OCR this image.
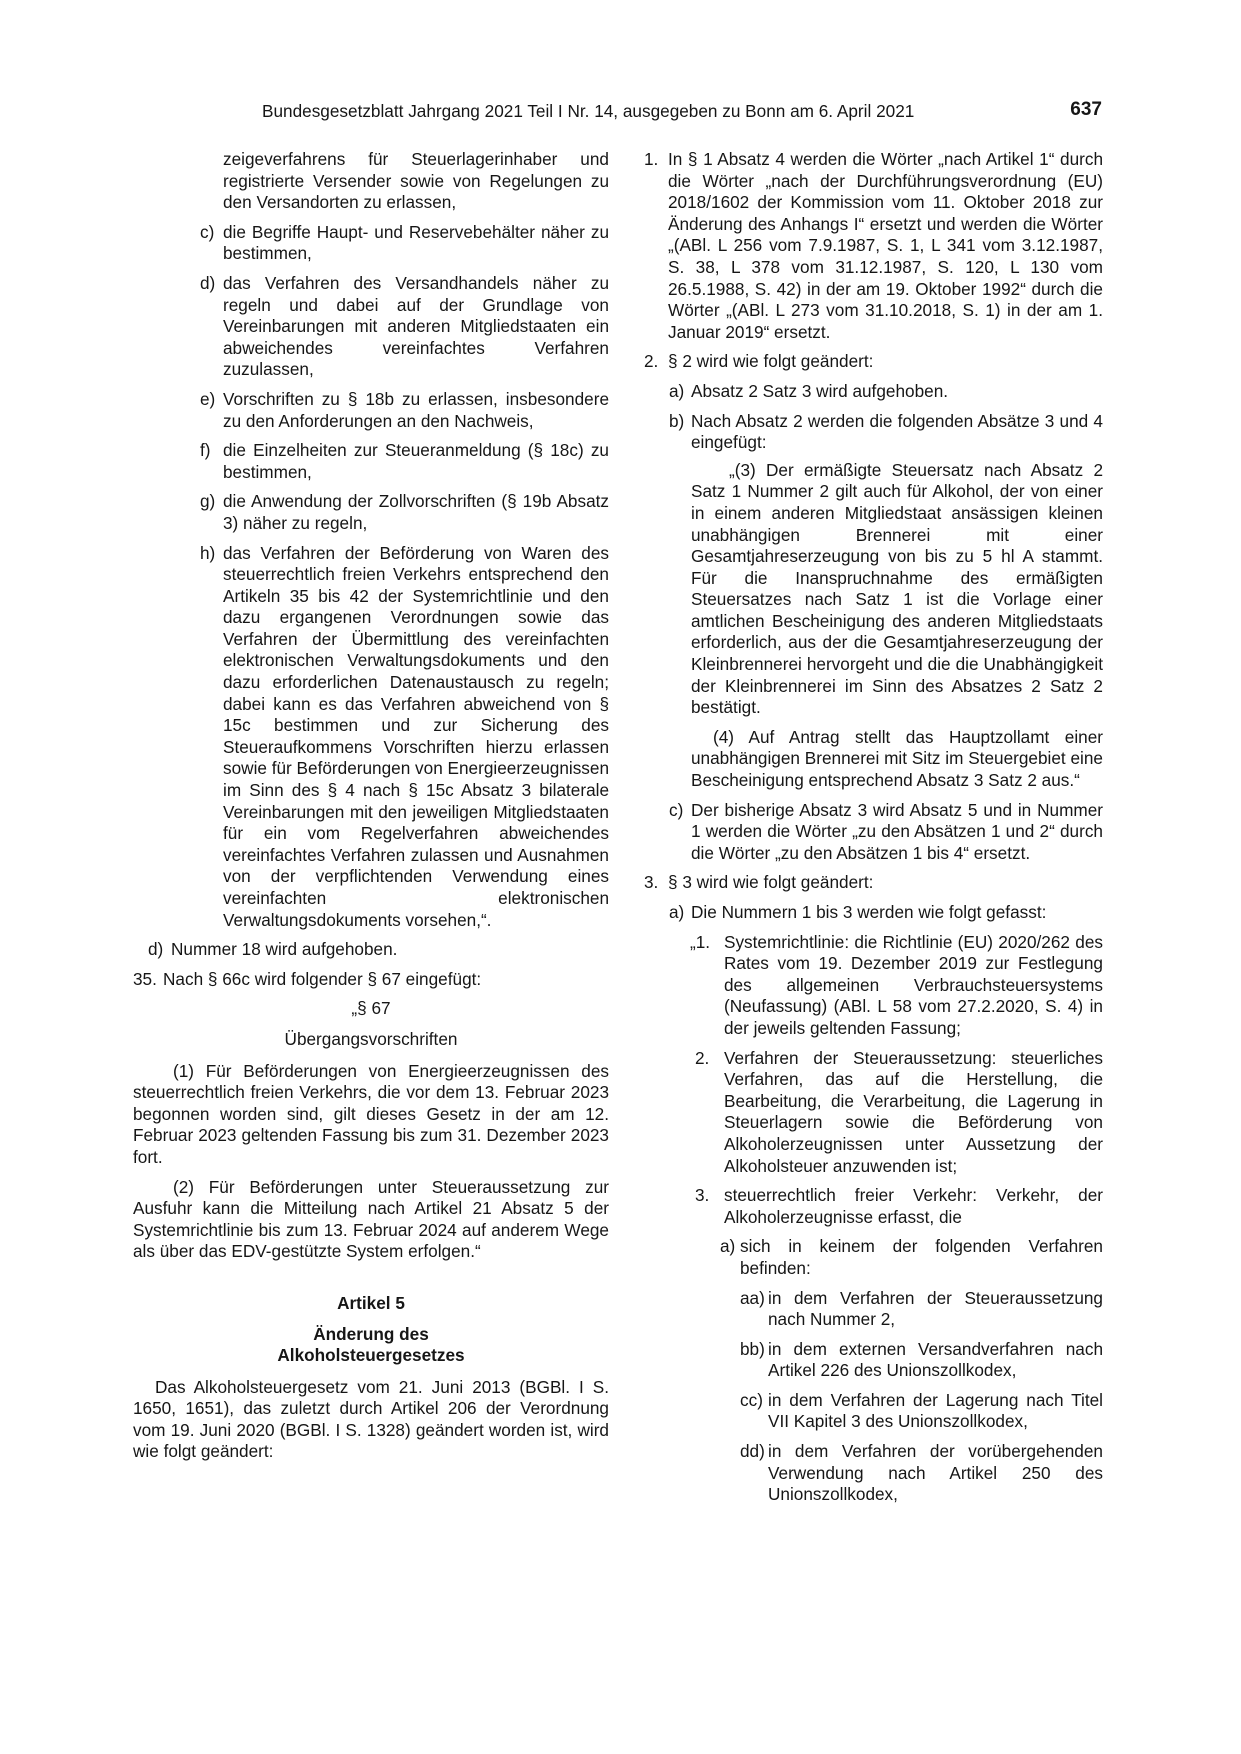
Bundesgesetzblatt Jahrgang 2021 Teil I Nr. 14, ausgegeben zu Bonn am 6. April 2021	637

zeigeverfahrens für Steuerlagerinhaber und registrierte Versender sowie von Regelungen zu den Versandorten zu erlassen,

c) die Begriffe Haupt- und Reservebehälter näher zu bestimmen,

d) das Verfahren des Versandhandels näher zu regeln und dabei auf der Grundlage von Vereinbarungen mit anderen Mitgliedstaaten ein abweichendes vereinfachtes Verfahren zuzulassen,

e) Vorschriften zu § 18b zu erlassen, insbesondere zu den Anforderungen an den Nachweis,

f) die Einzelheiten zur Steueranmeldung (§ 18c) zu bestimmen,

g) die Anwendung der Zollvorschriften (§ 19b Absatz 3) näher zu regeln,

h) das Verfahren der Beförderung von Waren des steuerrechtlich freien Verkehrs entsprechend den Artikeln 35 bis 42 der Systemrichtlinie und den dazu ergangenen Verordnungen sowie das Verfahren der Übermittlung des vereinfachten elektronischen Verwaltungsdokuments und den dazu erforderlichen Datenaustausch zu regeln; dabei kann es das Verfahren abweichend von § 15c bestimmen und zur Sicherung des Steueraufkommens Vorschriften hierzu erlassen sowie für Beförderungen von Energieerzeugnissen im Sinn des § 4 nach § 15c Absatz 3 bilaterale Vereinbarungen mit den jeweiligen Mitgliedstaaten für ein vom Regelverfahren abweichendes vereinfachtes Verfahren zulassen und Ausnahmen von der verpflichtenden Verwendung eines vereinfachten elektronischen Verwaltungsdokuments vorsehen,“.

d) Nummer 18 wird aufgehoben.

35. Nach § 66c wird folgender § 67 eingefügt:

„§ 67

Übergangsvorschriften

(1) Für Beförderungen von Energieerzeugnissen des steuerrechtlich freien Verkehrs, die vor dem 13. Februar 2023 begonnen worden sind, gilt dieses Gesetz in der am 12. Februar 2023 geltenden Fassung bis zum 31. Dezember 2023 fort.

(2) Für Beförderungen unter Steueraussetzung zur Ausfuhr kann die Mitteilung nach Artikel 21 Absatz 5 der Systemrichtlinie bis zum 13. Februar 2024 auf anderem Wege als über das EDV-gestützte System erfolgen.“

Artikel 5

Änderung des

Alkoholsteuergesetzes

Das Alkoholsteuergesetz vom 21. Juni 2013 (BGBl. I S. 1650, 1651), das zuletzt durch Artikel 206 der Verordnung vom 19. Juni 2020 (BGBl. I S. 1328) geändert worden ist, wird wie folgt geändert:

1. In § 1 Absatz 4 werden die Wörter „nach Artikel 1“ durch die Wörter „nach der Durchführungsverordnung (EU) 2018/1602 der Kommission vom 11. Oktober 2018 zur Änderung des Anhangs I“ ersetzt und werden die Wörter „(ABl. L 256 vom 7.9.1987, S. 1, L 341 vom 3.12.1987, S. 38, L 378 vom 31.12.1987, S. 120, L 130 vom 26.5.1988, S. 42) in der am 19. Oktober 1992“ durch die Wörter „(ABl. L 273 vom 31.10.2018, S. 1) in der am 1. Januar 2019“ ersetzt.

2. § 2 wird wie folgt geändert:

a) Absatz 2 Satz 3 wird aufgehoben.

b) Nach Absatz 2 werden die folgenden Absätze 3 und 4 eingefügt:

„(3) Der ermäßigte Steuersatz nach Absatz 2 Satz 1 Nummer 2 gilt auch für Alkohol, der von einer in einem anderen Mitgliedstaat ansässigen kleinen unabhängigen Brennerei mit einer Gesamtjahreserzeugung von bis zu 5 hl A stammt. Für die Inanspruchnahme des ermäßigten Steuersatzes nach Satz 1 ist die Vorlage einer amtlichen Bescheinigung des anderen Mitgliedstaats erforderlich, aus der die Gesamtjahreserzeugung der Kleinbrennerei hervorgeht und die die Unabhängigkeit der Kleinbrennerei im Sinn des Absatzes 2 Satz 2 bestätigt.

(4) Auf Antrag stellt das Hauptzollamt einer unabhängigen Brennerei mit Sitz im Steuergebiet eine Bescheinigung entsprechend Absatz 3 Satz 2 aus.“

c) Der bisherige Absatz 3 wird Absatz 5 und in Nummer 1 werden die Wörter „zu den Absätzen 1 und 2“ durch die Wörter „zu den Absätzen 1 bis 4“ ersetzt.

3. § 3 wird wie folgt geändert:

a) Die Nummern 1 bis 3 werden wie folgt gefasst:

„1. Systemrichtlinie: die Richtlinie (EU) 2020/262 des Rates vom 19. Dezember 2019 zur Festlegung des allgemeinen Verbrauchsteuersystems (Neufassung) (ABl. L 58 vom 27.2.2020, S. 4) in der jeweils geltenden Fassung;

2. Verfahren der Steueraussetzung: steuerliches Verfahren, das auf die Herstellung, die Bearbeitung, die Verarbeitung, die Lagerung in Steuerlagern sowie die Beförderung von Alkoholerzeugnissen unter Aussetzung der Alkoholsteuer anzuwenden ist;

3. steuerrechtlich freier Verkehr: Verkehr, der Alkoholerzeugnisse erfasst, die

a) sich in keinem der folgenden Verfahren befinden:

aa) in dem Verfahren der Steueraussetzung nach Nummer 2,

bb) in dem externen Versandverfahren nach Artikel 226 des Unionszollkodex,

cc) in dem Verfahren der Lagerung nach Titel VII Kapitel 3 des Unionszollkodex,

dd) in dem Verfahren der vorübergehenden Verwendung nach Artikel 250 des Unionszollkodex,
